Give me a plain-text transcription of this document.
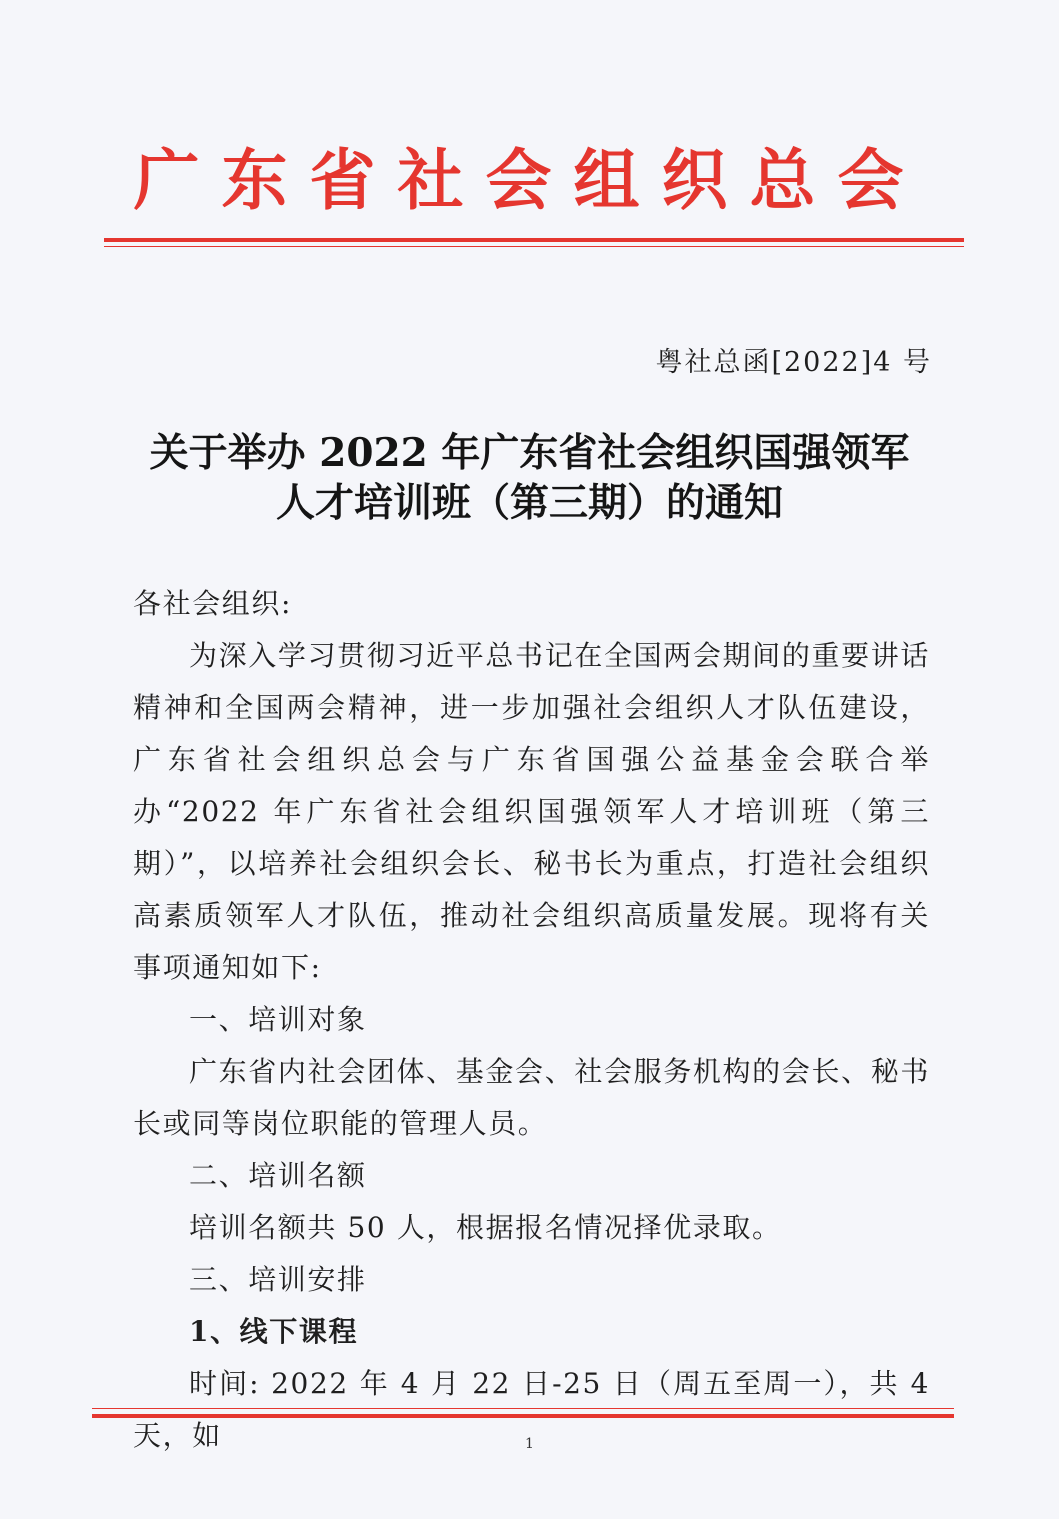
广东省社会组织总会
粤社总函[2022]4 号
关于举办 2022 年广东省社会组织国强领军
人才培训班（第三期）的通知

各社会组织:

为深入学习贯彻习近平总书记在全国两会期间的重要讲话精神和全国两会精神，进一步加强社会组织人才队伍建设，广东省社会组织总会与广东省国强公益基金会联合举办“2022 年广东省社会组织国强领军人才培训班（第三期）”，以培养社会组织会长、秘书长为重点，打造社会组织高素质领军人才队伍，推动社会组织高质量发展。现将有关事项通知如下:

一、培训对象

广东省内社会团体、基金会、社会服务机构的会长、秘书长或同等岗位职能的管理人员。

二、培训名额

培训名额共 50 人，根据报名情况择优录取。

三、培训安排

1、线下课程

时间: 2022 年 4 月 22 日-25 日（周五至周一），共 4 天，如	1
